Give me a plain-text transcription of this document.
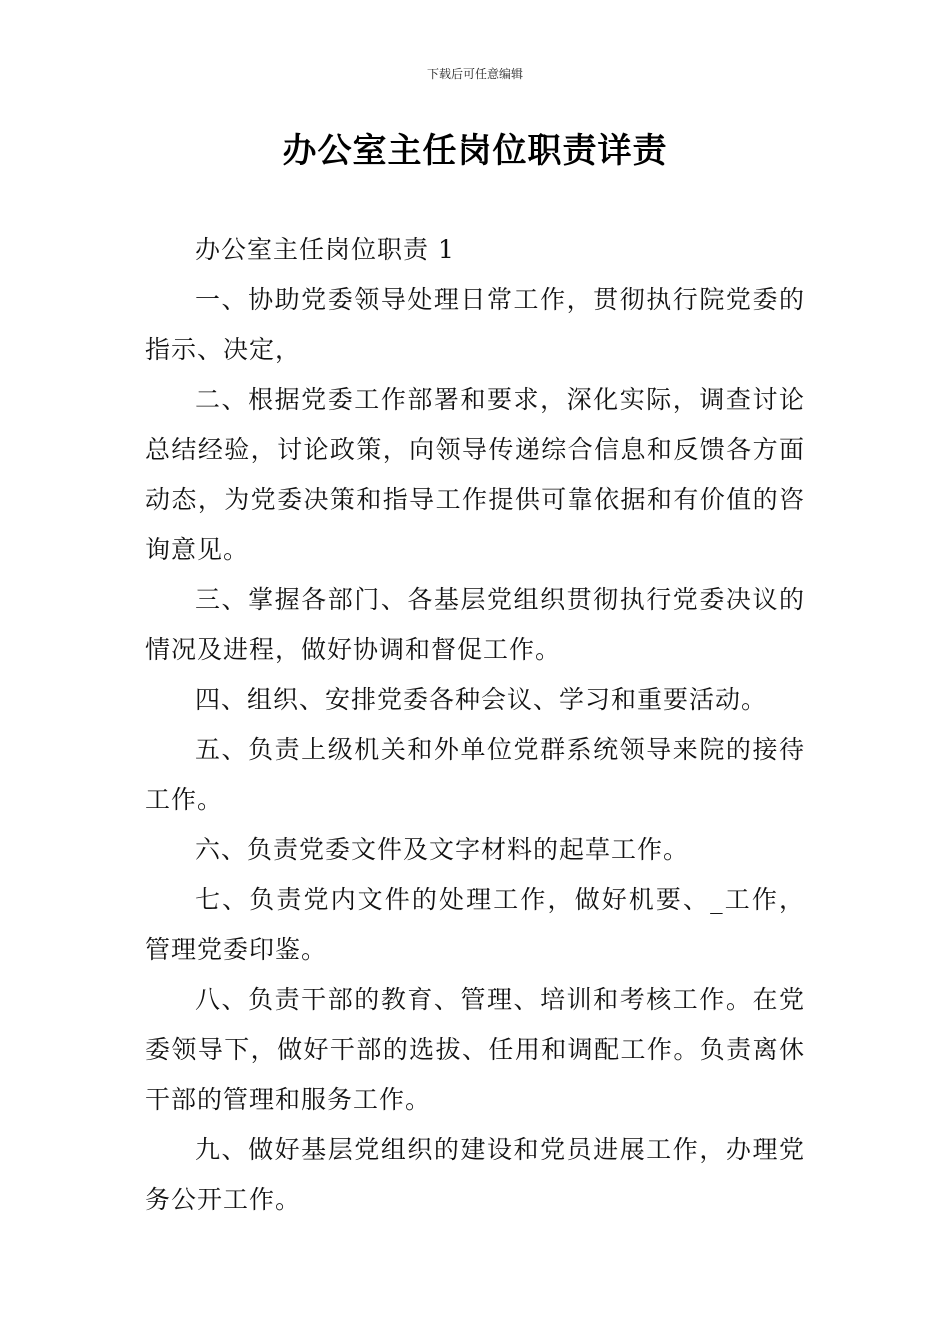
下载后可任意编辑
办公室主任岗位职责详责

办公室主任岗位职责 1

一、协助党委领导处理日常工作，贯彻执行院党委的指示、决定，

二、根据党委工作部署和要求，深化实际，调查讨论总结经验，讨论政策，向领导传递综合信息和反馈各方面动态，为党委决策和指导工作提供可靠依据和有价值的咨询意见。

三、掌握各部门、各基层党组织贯彻执行党委决议的情况及进程，做好协调和督促工作。

四、组织、安排党委各种会议、学习和重要活动。

五、负责上级机关和外单位党群系统领导来院的接待工作。

六、负责党委文件及文字材料的起草工作。

七、负责党内文件的处理工作，做好机要、_工作，管理党委印鉴。

八、负责干部的教育、管理、培训和考核工作。在党委领导下，做好干部的选拔、任用和调配工作。负责离休干部的管理和服务工作。

九、做好基层党组织的建设和党员进展工作，办理党务公开工作。
